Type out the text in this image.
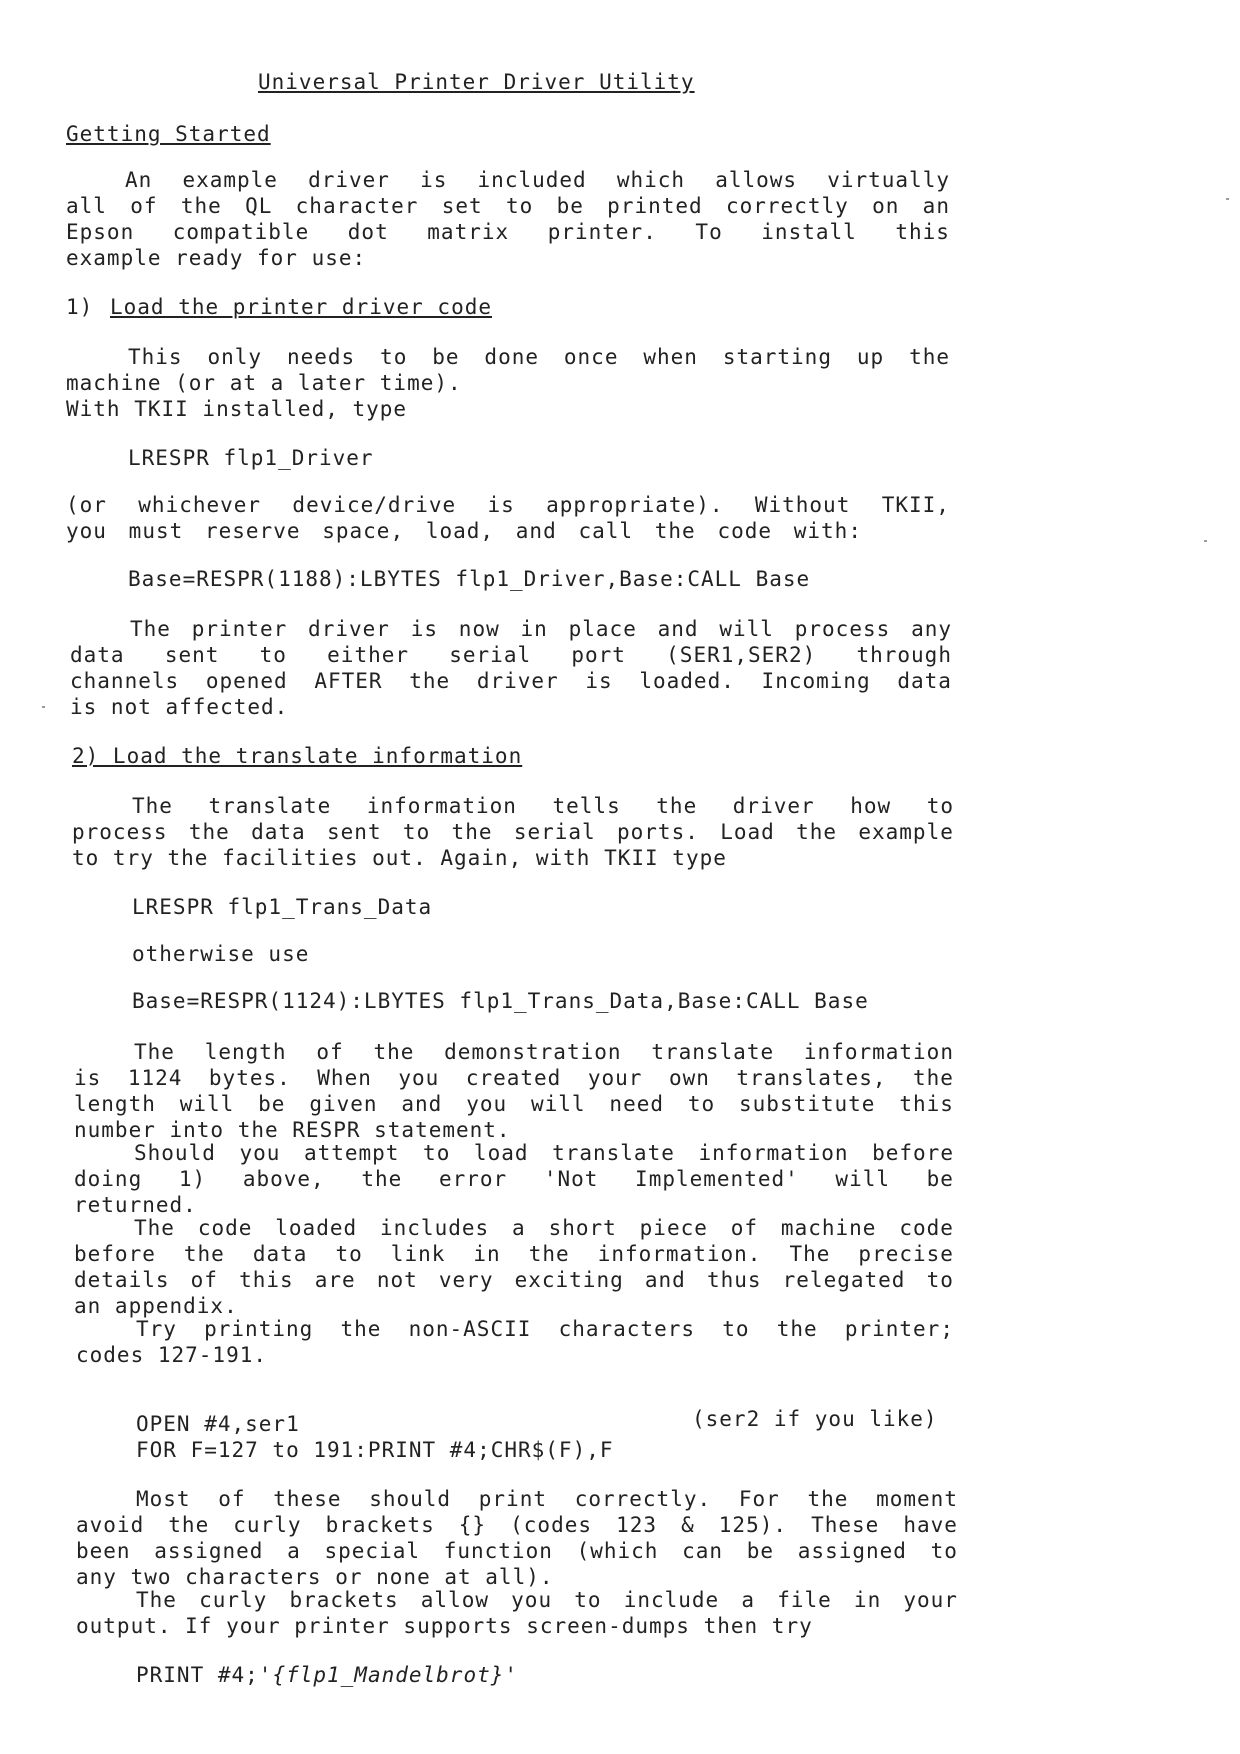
Universal Printer Driver Utility
Getting Started
An example driver is included which allows virtually
all of the QL character set to be printed correctly on an
Epson compatible dot matrix printer. To install this
example ready for use:
1) Load the printer driver code
This only needs to be done once when starting up the
machine (or at a later time).
With TKII installed, type
LRESPR flp1_Driver
(or whichever device/drive is appropriate). Without TKII,
you must reserve space, load, and call the code with:
Base=RESPR(1188):LBYTES flp1_Driver,Base:CALL Base
The printer driver is now in place and will process any
data sent to either serial port (SER1,SER2) through
channels opened AFTER the driver is loaded. Incoming data
is not affected.
2) Load the translate information
The translate information tells the driver how to
process the data sent to the serial ports. Load the example
to try the facilities out. Again, with TKII type
LRESPR flp1_Trans_Data
otherwise use
Base=RESPR(1124):LBYTES flp1_Trans_Data,Base:CALL Base
The length of the demonstration translate information
is 1124 bytes. When you created your own translates, the
length will be given and you will need to substitute this
number into the RESPR statement.
Should you attempt to load translate information before
doing 1) above, the error 'Not Implemented' will be
returned.
The code loaded includes a short piece of machine code
before the data to link in the information. The precise
details of this are not very exciting and thus relegated to
an appendix.
Try printing the non-ASCII characters to the printer;
codes 127-191.
OPEN #4,ser1	(ser2 if you like)
FOR F=127 to 191:PRINT #4;CHR$(F),F
Most of these should print correctly. For the moment
avoid the curly brackets {} (codes 123 & 125). These have
been assigned a special function (which can be assigned to
any two characters or none at all).
The curly brackets allow you to include a file in your
output. If your printer supports screen-dumps then try
PRINT #4;'{flp1_Mandelbrot}'
